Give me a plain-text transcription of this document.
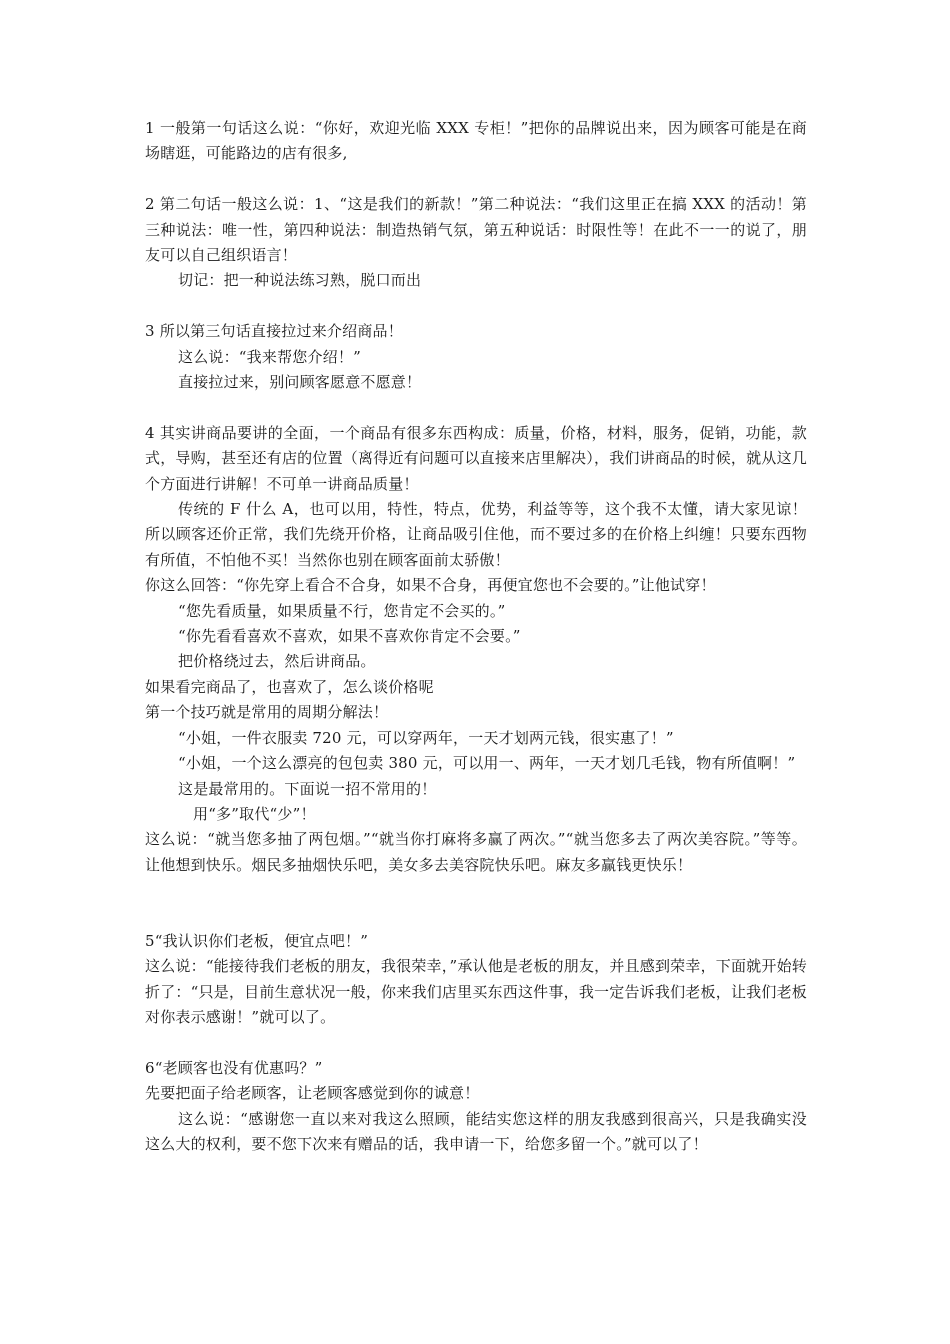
1 一般第一句话这么说：“你好，欢迎光临 XXX 专柜！”把你的品牌说出来，因为顾客可能是在商场瞎逛，可能路边的店有很多,

2 第二句话一般这么说：1、“这是我们的新款！”第二种说法：“我们这里正在搞 XXX 的活动！第三种说法：唯一性，第四种说法：制造热销气氛，第五种说话：时限性等！在此不一一的说了，朋友可以自己组织语言！

切记：把一种说法练习熟，脱口而出

3 所以第三句话直接拉过来介绍商品！

这么说：“我来帮您介绍！”

直接拉过来，别问顾客愿意不愿意！

4 其实讲商品要讲的全面，一个商品有很多东西构成：质量，价格，材料，服务，促销，功能，款式，导购，甚至还有店的位置（离得近有问题可以直接来店里解决），我们讲商品的时候，就从这几个方面进行讲解！不可单一讲商品质量！

传统的 F 什么 A，也可以用，特性，特点，优势，利益等等，这个我不太懂，请大家见谅！所以顾客还价正常，我们先绕开价格，让商品吸引住他，而不要过多的在价格上纠缠！只要东西物有所值，不怕他不买！当然你也别在顾客面前太骄傲！

你这么回答：“你先穿上看合不合身，如果不合身，再便宜您也不会要的。”让他试穿！

“您先看质量，如果质量不行，您肯定不会买的。”

“你先看看喜欢不喜欢，如果不喜欢你肯定不会要。”

把价格绕过去，然后讲商品。

如果看完商品了，也喜欢了，怎么谈价格呢

第一个技巧就是常用的周期分解法！

“小姐，一件衣服卖 720 元，可以穿两年，一天才划两元钱，很实惠了！”

“小姐，一个这么漂亮的包包卖 380 元，可以用一、两年，一天才划几毛钱，物有所值啊！”

这是最常用的。下面说一招不常用的！

用“多”取代“少”！

这么说：“就当您多抽了两包烟。”“就当你打麻将多赢了两次。”“就当您多去了两次美容院。”等等。让他想到快乐。烟民多抽烟快乐吧，美女多去美容院快乐吧。麻友多赢钱更快乐！

5“我认识你们老板，便宜点吧！”

这么说：“能接待我们老板的朋友，我很荣幸，”承认他是老板的朋友，并且感到荣幸，下面就开始转折了：“只是，目前生意状况一般，你来我们店里买东西这件事，我一定告诉我们老板，让我们老板对你表示感谢！”就可以了。

6“老顾客也没有优惠吗？”

先要把面子给老顾客，让老顾客感觉到你的诚意！

这么说：“感谢您一直以来对我这么照顾，能结实您这样的朋友我感到很高兴，只是我确实没这么大的权利，要不您下次来有赠品的话，我申请一下，给您多留一个。”就可以了！
